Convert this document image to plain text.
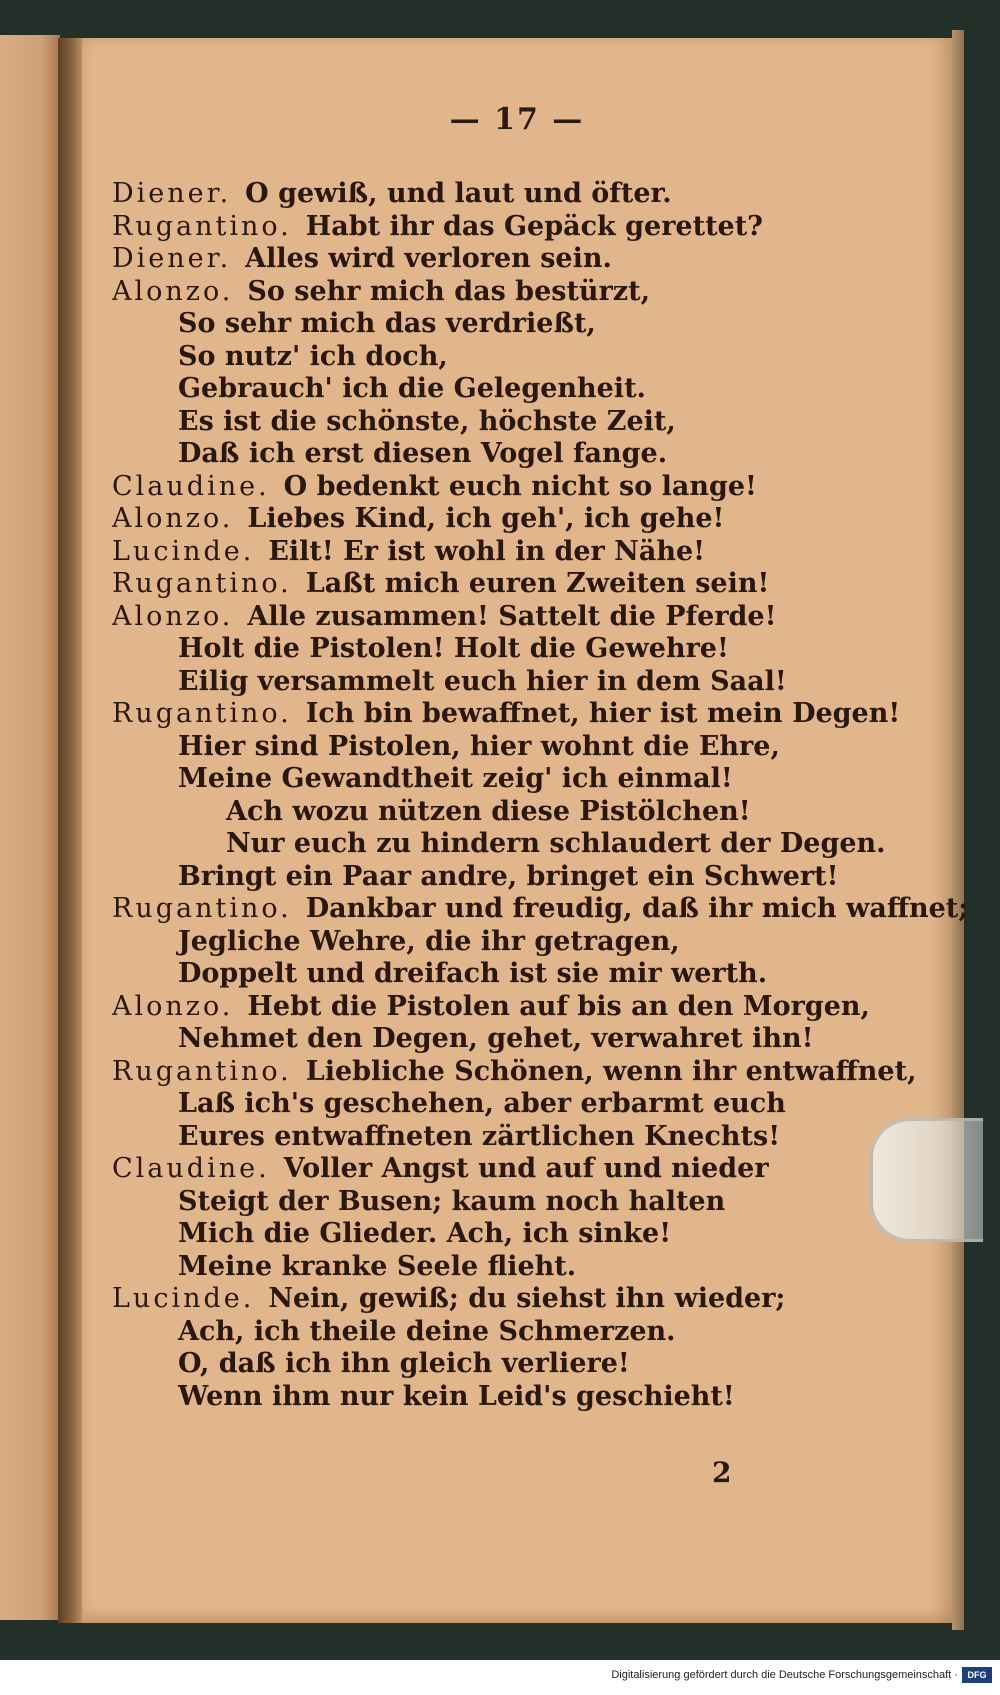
— 17 —
Diener. O gewiß, und laut und öfter.
Rugantino. Habt ihr das Gepäck gerettet?
Diener. Alles wird verloren sein.
Alonzo. So sehr mich das bestürzt,
So sehr mich das verdrießt,
So nutz' ich doch,
Gebrauch' ich die Gelegenheit.
Es ist die schönste, höchste Zeit,
Daß ich erst diesen Vogel fange.
Claudine. O bedenkt euch nicht so lange!
Alonzo. Liebes Kind, ich geh', ich gehe!
Lucinde. Eilt! Er ist wohl in der Nähe!
Rugantino. Laßt mich euren Zweiten sein!
Alonzo. Alle zusammen! Sattelt die Pferde!
Holt die Pistolen! Holt die Gewehre!
Eilig versammelt euch hier in dem Saal!
Rugantino. Ich bin bewaffnet, hier ist mein Degen!
Hier sind Pistolen, hier wohnt die Ehre,
Meine Gewandtheit zeig' ich einmal!
Ach wozu nützen diese Pistölchen!
Nur euch zu hindern schlaudert der Degen.
Bringt ein Paar andre, bringet ein Schwert!
Rugantino. Dankbar und freudig, daß ihr mich waffnet;
Jegliche Wehre, die ihr getragen,
Doppelt und dreifach ist sie mir werth.
Alonzo. Hebt die Pistolen auf bis an den Morgen,
Nehmet den Degen, gehet, verwahret ihn!
Rugantino. Liebliche Schönen, wenn ihr entwaffnet,
Laß ich's geschehen, aber erbarmt euch
Eures entwaffneten zärtlichen Knechts!
Claudine. Voller Angst und auf und nieder
Steigt der Busen; kaum noch halten
Mich die Glieder. Ach, ich sinke!
Meine kranke Seele flieht.
Lucinde. Nein, gewiß; du siehst ihn wieder;
Ach, ich theile deine Schmerzen.
O, daß ich ihn gleich verliere!
Wenn ihm nur kein Leid's geschieht!
2
Digitalisierung gefördert durch die Deutsche Forschungsgemeinschaft ·	DFG
